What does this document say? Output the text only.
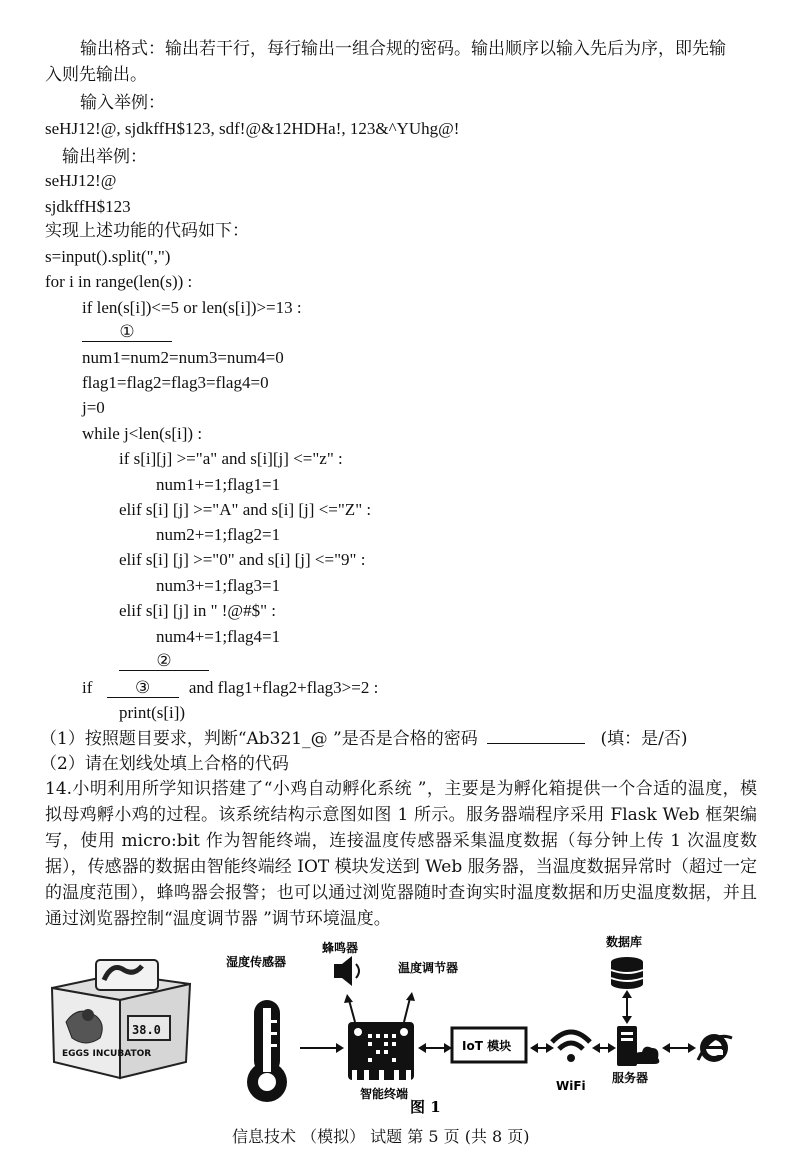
输出格式：输出若干行，每行输出一组合规的密码。输出顺序以输入先后为序，即先输
入则先输出。
输入举例：
seHJ12!@, sjdkffH$123, sdf!@&12HDHa!, 123&^YUhg@!
输出举例：
seHJ12!@
sjdkffH$123
实现上述功能的代码如下：
s=input().split(",")
for i in range(len(s)) :
if len(s[i])<=5 or len(s[i])>=13 :
①
num1=num2=num3=num4=0
flag1=flag2=flag3=flag4=0
j=0
while j<len(s[i]) :
if s[i][j] >="a" and s[i][j] <="z" :
num1+=1;flag1=1
elif s[i] [j] >="A" and s[i] [j] <="Z" :
num2+=1;flag2=1
elif s[i] [j] >="0" and s[i] [j] <="9" :
num3+=1;flag3=1
elif s[i] [j] in " !@#$" :
num4+=1;flag4=1
②
if	③ and flag1+flag2+flag3>=2 :
print(s[i])
（1）按照题目要求，判断“Ab321_@ ”是否是合格的密码	(填：是/否)
（2）请在划线处填上合格的代码
14.小明利用所学知识搭建了“小鸡自动孵化系统 ”，主要是为孵化箱提供一个合适的温度，模拟母鸡孵小鸡的过程。该系统结构示意图如图 1 所示。服务器端程序采用 Flask Web 框架编写，使用 micro:bit 作为智能终端，连接温度传感器采集温度数据（每分钟上传 1 次温度数据），传感器的数据由智能终端经 IOT 模块发送到 Web 服务器，当温度数据异常时（超过一定的温度范围），蜂鸣器会报警；也可以通过浏览器随时查询实时温度数据和历史温度数据，并且通过浏览器控制“温度调节器 ”调节环境温度。
38.0
EGGS INCUBATOR
湿度传感器
蜂鸣器
温度调节器
智能终端
IoT 模块
WiFi
数据库
服务器
图 1
信息技术 （模拟） 试题 第 5 页 (共 8 页)
